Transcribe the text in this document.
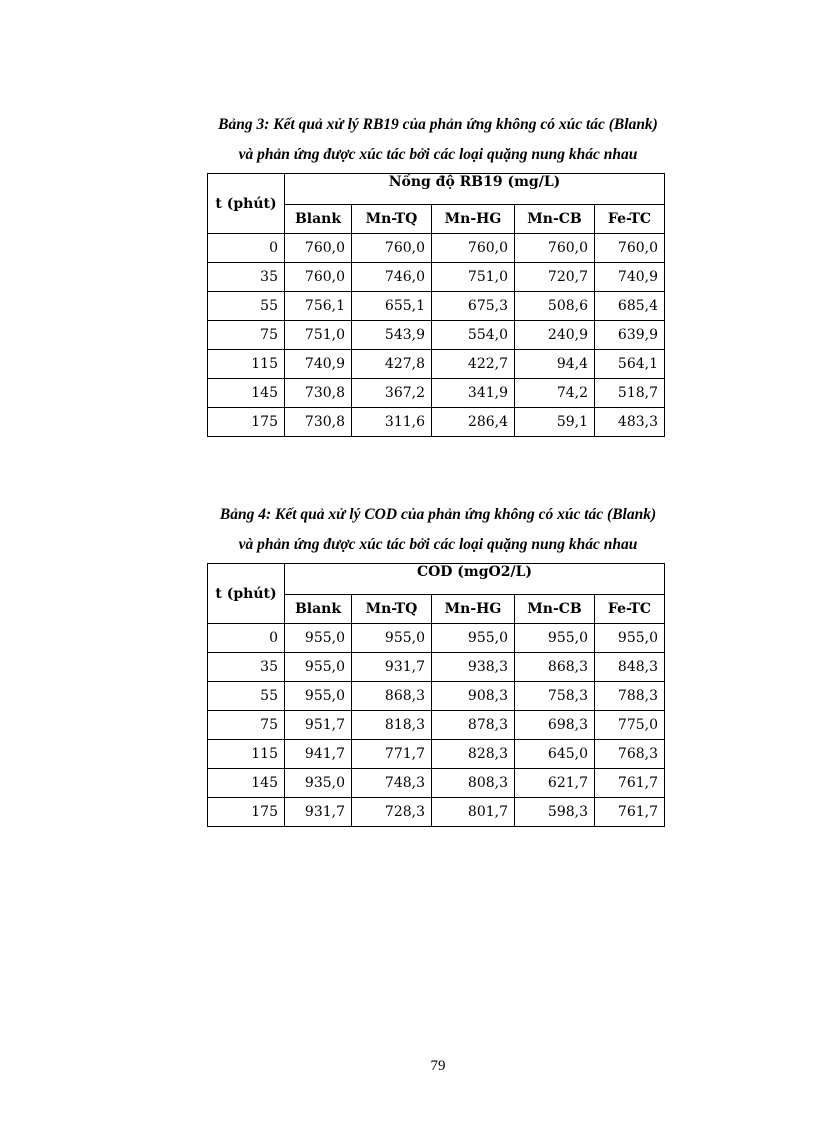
Bảng 3: Kết quả xử lý RB19 của phản ứng không có xúc tác (Blank)
và phản ứng được xúc tác bởi các loại quặng nung khác nhau

t (phút)	Nồng độ RB19 (mg/L)				
	Blank	Mn-TQ	Mn-HG	Mn-CB	Fe-TC
0	760,0	760,0	760,0	760,0	760,0
35	760,0	746,0	751,0	720,7	740,9
55	756,1	655,1	675,3	508,6	685,4
75	751,0	543,9	554,0	240,9	639,9
115	740,9	427,8	422,7	94,4	564,1
145	730,8	367,2	341,9	74,2	518,7
175	730,8	311,6	286,4	59,1	483,3

Bảng 4: Kết quả xử lý COD của phản ứng không có xúc tác (Blank)
và phản ứng được xúc tác bởi các loại quặng nung khác nhau

t (phút)	COD (mgO2/L)				
	Blank	Mn-TQ	Mn-HG	Mn-CB	Fe-TC
0	955,0	955,0	955,0	955,0	955,0
35	955,0	931,7	938,3	868,3	848,3
55	955,0	868,3	908,3	758,3	788,3
75	951,7	818,3	878,3	698,3	775,0
115	941,7	771,7	828,3	645,0	768,3
145	935,0	748,3	808,3	621,7	761,7
175	931,7	728,3	801,7	598,3	761,7
79
